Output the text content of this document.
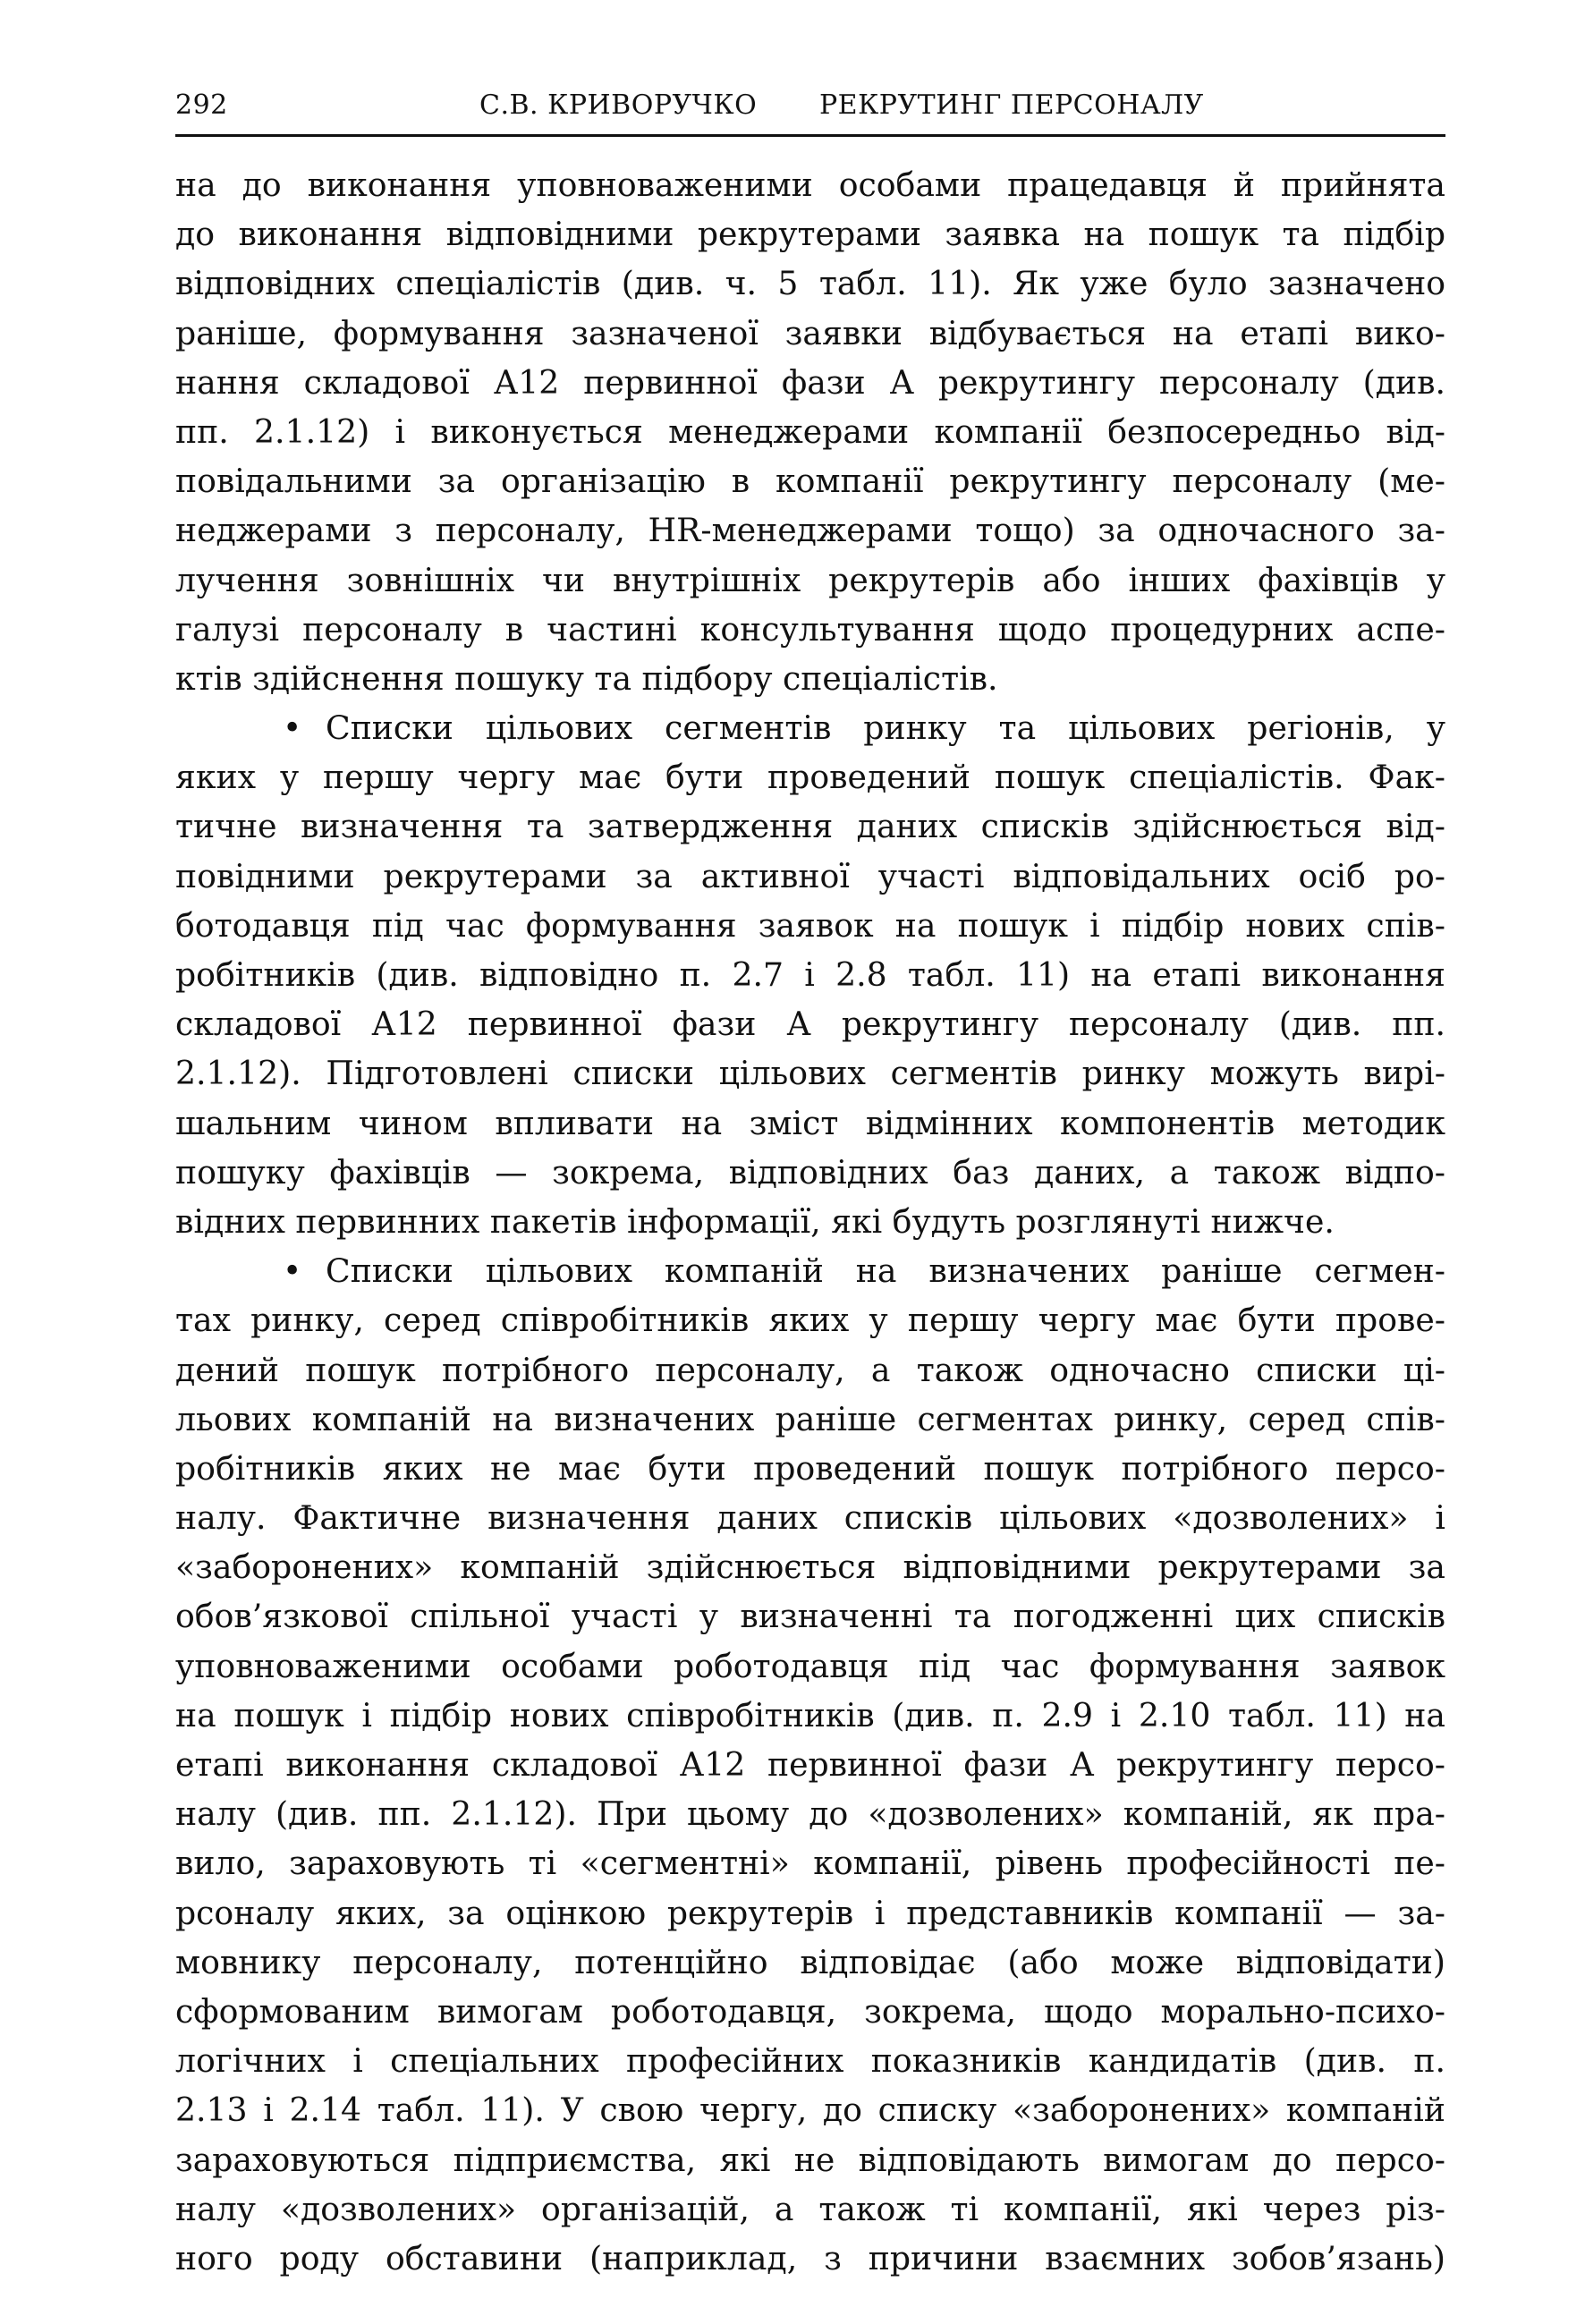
292	С.В. КРИВОРУЧКО	РЕКРУТИНГ ПЕРСОНАЛУ
на до виконання уповноваженими особами працедавця й прийнята
до виконання відповідними рекрутерами заявка на пошук та підбір
відповідних спеціалістів (див. ч. 5 табл. 11). Як уже було зазначено
раніше, формування зазначеної заявки відбувається на етапі вико-
нання складової А12 первинної фази А рекрутингу персоналу (див.
пп. 2.1.12) і виконується менеджерами компанії безпосередньо від-
повідальними за організацію в компанії рекрутингу персоналу (ме-
неджерами з персоналу, HR-менеджерами тощо) за одночасного за-
лучення зовнішніх чи внутрішніх рекрутерів або інших фахівців у
галузі персоналу в частині консультування щодо процедурних аспе-
ктів здійснення пошуку та підбору спеціалістів.
• Списки цільових сегментів ринку та цільових регіонів, у
яких у першу чергу має бути проведений пошук спеціалістів. Фак-
тичне визначення та затвердження даних списків здійснюється від-
повідними рекрутерами за активної участі відповідальних осіб ро-
ботодавця під час формування заявок на пошук і підбір нових спів-
робітників (див. відповідно п. 2.7 і 2.8 табл. 11) на етапі виконання
складової А12 первинної фази А рекрутингу персоналу (див. пп.
2.1.12). Підготовлені списки цільових сегментів ринку можуть вирі-
шальним чином впливати на зміст відмінних компонентів методик
пошуку фахівців — зокрема, відповідних баз даних, а також відпо-
відних первинних пакетів інформації, які будуть розглянуті нижче.
• Списки цільових компаній на визначених раніше сегмен-
тах ринку, серед співробітників яких у першу чергу має бути прове-
дений пошук потрібного персоналу, а також одночасно списки ці-
льових компаній на визначених раніше сегментах ринку, серед спів-
робітників яких не має бути проведений пошук потрібного персо-
налу. Фактичне визначення даних списків цільових «дозволених» і
«заборонених» компаній здійснюється відповідними рекрутерами за
обов’язкової спільної участі у визначенні та погодженні цих списків
уповноваженими особами роботодавця під час формування заявок
на пошук і підбір нових співробітників (див. п. 2.9 і 2.10 табл. 11) на
етапі виконання складової А12 первинної фази А рекрутингу персо-
налу (див. пп. 2.1.12). При цьому до «дозволених» компаній, як пра-
вило, зараховують ті «сегментні» компанії, рівень професійності пе-
рсоналу яких, за оцінкою рекрутерів і представників компанії — за-
мовнику персоналу, потенційно відповідає (або може відповідати)
сформованим вимогам роботодавця, зокрема, щодо морально-психо-
логічних і спеціальних професійних показників кандидатів (див. п.
2.13 і 2.14 табл. 11). У свою чергу, до списку «заборонених» компаній
зараховуються підприємства, які не відповідають вимогам до персо-
налу «дозволених» організацій, а також ті компанії, які через різ-
ного роду обставини (наприклад, з причини взаємних зобов’язань)
